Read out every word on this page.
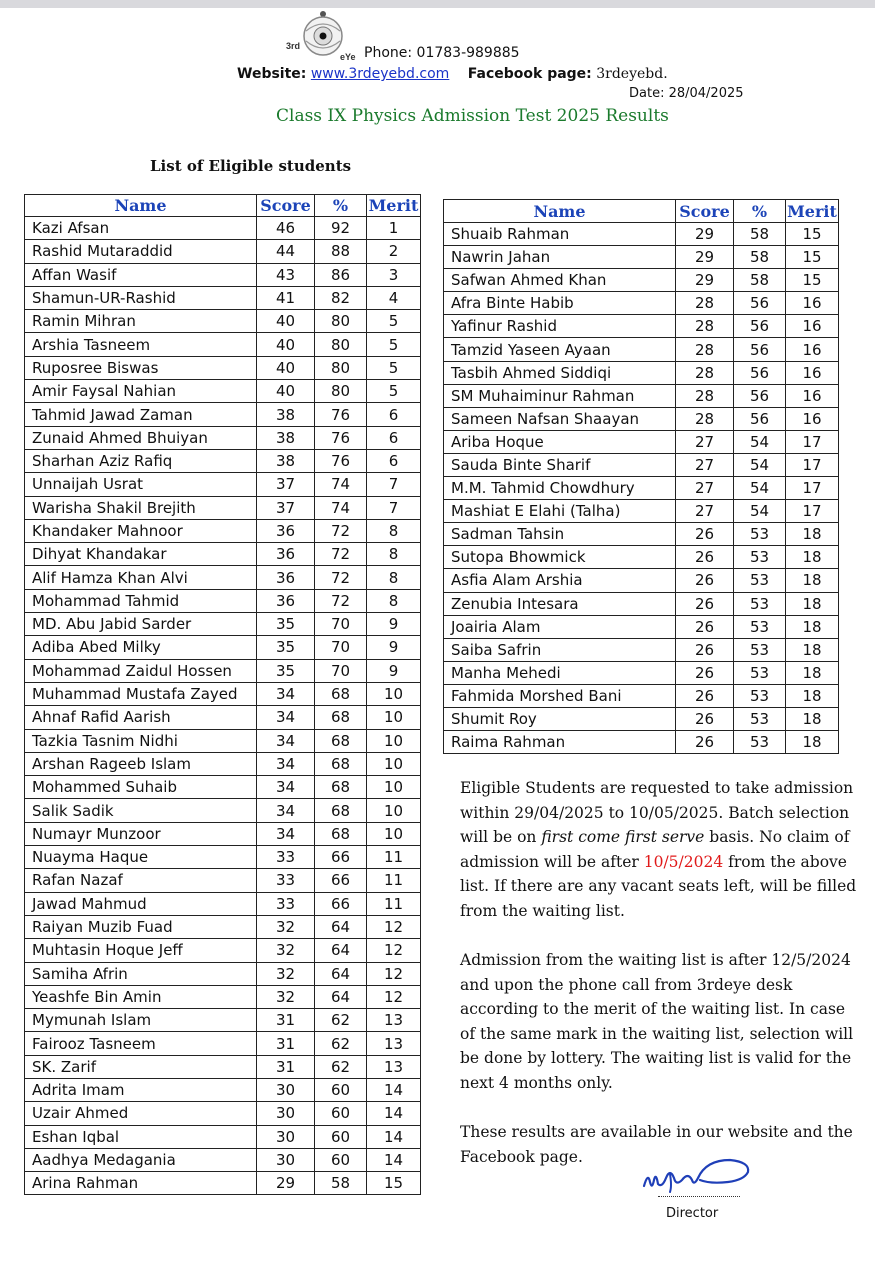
3rd
eYe Phone: 01783-989885
Website: www.3rdeyebd.com Facebook page: 3rdeyebd.
Date: 28/04/2025
Class IX Physics Admission Test 2025 Results
List of Eligible students
Name	Score	%	Merit
Kazi Afsan	46	92	1
Rashid Mutaraddid	44	88	2
Affan Wasif	43	86	3
Shamun-UR-Rashid	41	82	4
Ramin Mihran	40	80	5
Arshia Tasneem	40	80	5
Ruposree Biswas	40	80	5
Amir Faysal Nahian	40	80	5
Tahmid Jawad Zaman	38	76	6
Zunaid Ahmed Bhuiyan	38	76	6
Sharhan Aziz Rafiq	38	76	6
Unnaijah Usrat	37	74	7
Warisha Shakil Brejith	37	74	7
Khandaker Mahnoor	36	72	8
Dihyat Khandakar	36	72	8
Alif Hamza Khan Alvi	36	72	8
Mohammad Tahmid	36	72	8
MD. Abu Jabid Sarder	35	70	9
Adiba Abed Milky	35	70	9
Mohammad Zaidul Hossen	35	70	9
Muhammad Mustafa Zayed	34	68	10
Ahnaf Rafid Aarish	34	68	10
Tazkia Tasnim Nidhi	34	68	10
Arshan Rageeb Islam	34	68	10
Mohammed Suhaib	34	68	10
Salik Sadik	34	68	10
Numayr Munzoor	34	68	10
Nuayma Haque	33	66	11
Rafan Nazaf	33	66	11
Jawad Mahmud	33	66	11
Raiyan Muzib Fuad	32	64	12
Muhtasin Hoque Jeff	32	64	12
Samiha Afrin	32	64	12
Yeashfe Bin Amin	32	64	12
Mymunah Islam	31	62	13
Fairooz Tasneem	31	62	13
SK. Zarif	31	62	13
Adrita Imam	30	60	14
Uzair Ahmed	30	60	14
Eshan Iqbal	30	60	14
Aadhya Medagania	30	60	14
Arina Rahman	29	58	15
Name	Score	%	Merit
Shuaib Rahman	29	58	15
Nawrin Jahan	29	58	15
Safwan Ahmed Khan	29	58	15
Afra Binte Habib	28	56	16
Yafinur Rashid	28	56	16
Tamzid Yaseen Ayaan	28	56	16
Tasbih Ahmed Siddiqi	28	56	16
SM Muhaiminur Rahman	28	56	16
Sameen Nafsan Shaayan	28	56	16
Ariba Hoque	27	54	17
Sauda Binte Sharif	27	54	17
M.M. Tahmid Chowdhury	27	54	17
Mashiat E Elahi (Talha)	27	54	17
Sadman Tahsin	26	53	18
Sutopa Bhowmick	26	53	18
Asfia Alam Arshia	26	53	18
Zenubia Intesara	26	53	18
Joairia Alam	26	53	18
Saiba Safrin	26	53	18
Manha Mehedi	26	53	18
Fahmida Morshed Bani	26	53	18
Shumit Roy	26	53	18
Raima Rahman	26	53	18

Eligible Students are requested to take admission within 29/04/2025 to 10/05/2025. Batch selection will be on first come first serve basis. No claim of admission will be after 10/5/2024 from the above list. If there are any vacant seats left, will be filled from the waiting list.

Admission from the waiting list is after 12/5/2024 and upon the phone call from 3rdeye desk according to the merit of the waiting list. In case of the same mark in the waiting list, selection will be done by lottery. The waiting list is valid for the next 4 months only.

These results are available in our website and the Facebook page.

Director
